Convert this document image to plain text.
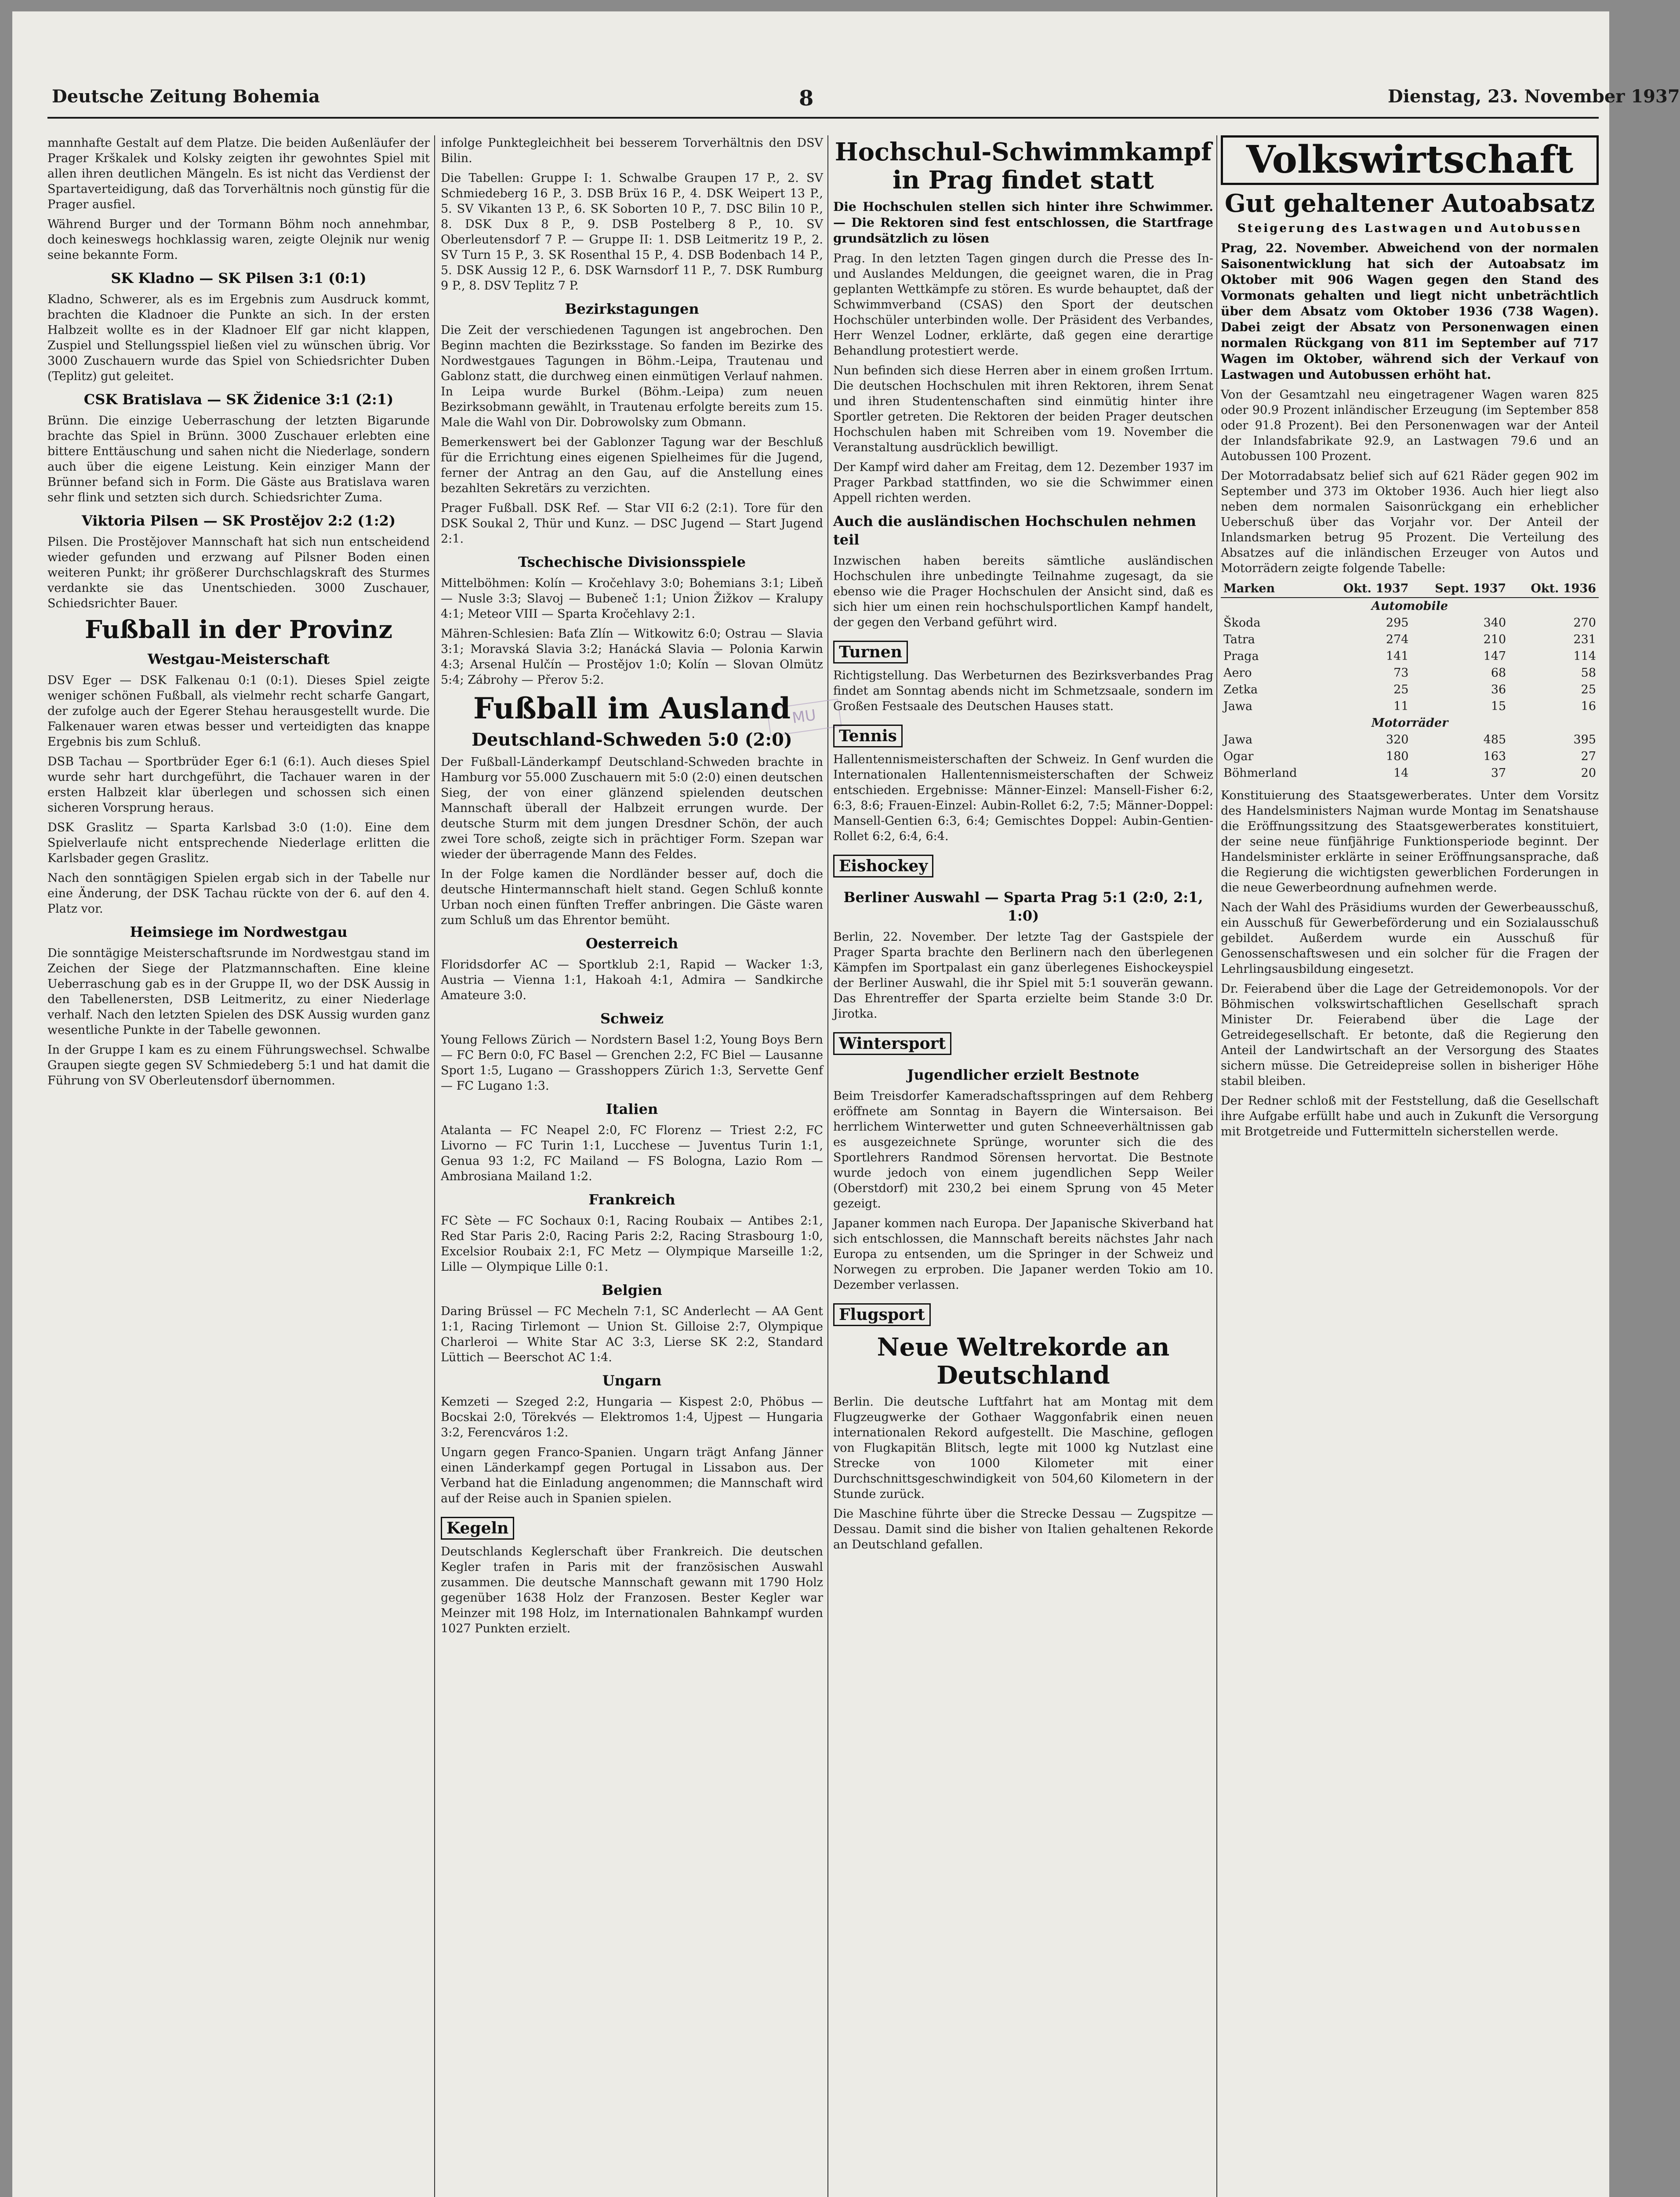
Deutsche Zeitung Bohemia	8	Dienstag, 23. November 1937
MU

mannhafte Gestalt auf dem Platze. Die beiden Außenläufer der Prager Krškalek und Kolsky zeigten ihr gewohntes Spiel mit allen ihren deutlichen Mängeln. Es ist nicht das Verdienst der Spartaverteidigung, daß das Torverhältnis noch günstig für die Prager ausfiel.

Während Burger und der Tormann Böhm noch annehmbar, doch keineswegs hochklassig waren, zeigte Olejnik nur wenig seine bekannte Form.

SK Kladno — SK Pilsen 3:1 (0:1)

Kladno, Schwerer, als es im Ergebnis zum Ausdruck kommt, brachten die Kladnoer die Punkte an sich. In der ersten Halbzeit wollte es in der Kladnoer Elf gar nicht klappen, Zuspiel und Stellungsspiel ließen viel zu wünschen übrig. Vor 3000 Zuschauern wurde das Spiel von Schiedsrichter Duben (Teplitz) gut geleitet.

CSK Bratislava — SK Židenice 3:1 (2:1)

Brünn. Die einzige Ueberraschung der letzten Bigarunde brachte das Spiel in Brünn. 3000 Zuschauer erlebten eine bittere Enttäuschung und sahen nicht die Niederlage, sondern auch über die eigene Leistung. Kein einziger Mann der Brünner befand sich in Form. Die Gäste aus Bratislava waren sehr flink und setzten sich durch. Schiedsrichter Zuma.

Viktoria Pilsen — SK Prostějov 2:2 (1:2)

Pilsen. Die Prostějover Mannschaft hat sich nun entscheidend wieder gefunden und erzwang auf Pilsner Boden einen weiteren Punkt; ihr größerer Durchschlagskraft des Sturmes verdankte sie das Unentschieden. 3000 Zuschauer, Schiedsrichter Bauer.

Fußball in der Provinz
Westgau-Meisterschaft

DSV Eger — DSK Falkenau 0:1 (0:1). Dieses Spiel zeigte weniger schönen Fußball, als vielmehr recht scharfe Gangart, der zufolge auch der Egerer Stehau herausgestellt wurde. Die Falkenauer waren etwas besser und verteidigten das knappe Ergebnis bis zum Schluß.

DSB Tachau — Sportbrüder Eger 6:1 (6:1). Auch dieses Spiel wurde sehr hart durchgeführt, die Tachauer waren in der ersten Halbzeit klar überlegen und schossen sich einen sicheren Vorsprung heraus.

DSK Graslitz — Sparta Karlsbad 3:0 (1:0). Eine dem Spielverlaufe nicht entsprechende Niederlage erlitten die Karlsbader gegen Graslitz.

Nach den sonntägigen Spielen ergab sich in der Tabelle nur eine Änderung, der DSK Tachau rückte von der 6. auf den 4. Platz vor.

Heimsiege im Nordwestgau

Die sonntägige Meisterschaftsrunde im Nordwestgau stand im Zeichen der Siege der Platzmannschaften. Eine kleine Ueberraschung gab es in der Gruppe II, wo der DSK Aussig in den Tabellenersten, DSB Leitmeritz, zu einer Niederlage verhalf. Nach den letzten Spielen des DSK Aussig wurden ganz wesentliche Punkte in der Tabelle gewonnen.

In der Gruppe I kam es zu einem Führungswechsel. Schwalbe Graupen siegte gegen SV Schmiedeberg 5:1 und hat damit die Führung von SV Oberleutensdorf übernommen.

infolge Punktegleichheit bei besserem Torverhältnis den DSV Bilin.

Die Tabellen: Gruppe I: 1. Schwalbe Graupen 17 P., 2. SV Schmiedeberg 16 P., 3. DSB Brüx 16 P., 4. DSK Weipert 13 P., 5. SV Vikanten 13 P., 6. SK Soborten 10 P., 7. DSC Bilin 10 P., 8. DSK Dux 8 P., 9. DSB Postelberg 8 P., 10. SV Oberleutensdorf 7 P. — Gruppe II: 1. DSB Leitmeritz 19 P., 2. SV Turn 15 P., 3. SK Rosenthal 15 P., 4. DSB Bodenbach 14 P., 5. DSK Aussig 12 P., 6. DSK Warnsdorf 11 P., 7. DSK Rumburg 9 P., 8. DSV Teplitz 7 P.

Bezirkstagungen

Die Zeit der verschiedenen Tagungen ist angebrochen. Den Beginn machten die Bezirksstage. So fanden im Bezirke des Nordwestgaues Tagungen in Böhm.-Leipa, Trautenau und Gablonz statt, die durchweg einen einmütigen Verlauf nahmen. In Leipa wurde Burkel (Böhm.-Leipa) zum neuen Bezirksobmann gewählt, in Trautenau erfolgte bereits zum 15. Male die Wahl von Dir. Dobrowolsky zum Obmann.

Bemerkenswert bei der Gablonzer Tagung war der Beschluß für die Errichtung eines eigenen Spielheimes für die Jugend, ferner der Antrag an den Gau, auf die Anstellung eines bezahlten Sekretärs zu verzichten.

Prager Fußball. DSK Ref. — Star VII 6:2 (2:1). Tore für den DSK Soukal 2, Thür und Kunz. — DSC Jugend — Start Jugend 2:1.

Tschechische Divisionsspiele

Mittelböhmen: Kolín — Kročehlavy 3:0; Bohemians 3:1; Libeň — Nusle 3:3; Slavoj — Bubeneč 1:1; Union Žižkov — Kralupy 4:1; Meteor VIII — Sparta Kročehlavy 2:1.

Mähren-Schlesien: Baťa Zlín — Witkowitz 6:0; Ostrau — Slavia 3:1; Moravská Slavia 3:2; Hanácká Slavia — Polonia Karwin 4:3; Arsenal Hulčín — Prostějov 1:0; Kolín — Slovan Olmütz 5:4; Zábrohy — Přerov 5:2.

Fußball im Ausland
Deutschland-Schweden 5:0 (2:0)

Der Fußball-Länderkampf Deutschland-Schweden brachte in Hamburg vor 55.000 Zuschauern mit 5:0 (2:0) einen deutschen Sieg, der von einer glänzend spielenden deutschen Mannschaft überall der Halbzeit errungen wurde. Der deutsche Sturm mit dem jungen Dresdner Schön, der auch zwei Tore schoß, zeigte sich in prächtiger Form. Szepan war wieder der überragende Mann des Feldes.

In der Folge kamen die Nordländer besser auf, doch die deutsche Hintermannschaft hielt stand. Gegen Schluß konnte Urban noch einen fünften Treffer anbringen. Die Gäste waren zum Schluß um das Ehrentor bemüht.

Oesterreich

Floridsdorfer AC — Sportklub 2:1, Rapid — Wacker 1:3, Austria — Vienna 1:1, Hakoah 4:1, Admira — Sandkirche Amateure 3:0.

Schweiz

Young Fellows Zürich — Nordstern Basel 1:2, Young Boys Bern — FC Bern 0:0, FC Basel — Grenchen 2:2, FC Biel — Lausanne Sport 1:5, Lugano — Grasshoppers Zürich 1:3, Servette Genf — FC Lugano 1:3.

Italien

Atalanta — FC Neapel 2:0, FC Florenz — Triest 2:2, FC Livorno — FC Turin 1:1, Lucchese — Juventus Turin 1:1, Genua 93 1:2, FC Mailand — FS Bologna, Lazio Rom — Ambrosiana Mailand 1:2.

Frankreich

FC Sète — FC Sochaux 0:1, Racing Roubaix — Antibes 2:1, Red Star Paris 2:0, Racing Paris 2:2, Racing Strasbourg 1:0, Excelsior Roubaix 2:1, FC Metz — Olympique Marseille 1:2, Lille — Olympique Lille 0:1.

Belgien

Daring Brüssel — FC Mecheln 7:1, SC Anderlecht — AA Gent 1:1, Racing Tirlemont — Union St. Gilloise 2:7, Olympique Charleroi — White Star AC 3:3, Lierse SK 2:2, Standard Lüttich — Beerschot AC 1:4.

Ungarn

Kemzeti — Szeged 2:2, Hungaria — Kispest 2:0, Phöbus — Bocskai 2:0, Törekvés — Elektromos 1:4, Ujpest — Hungaria 3:2, Ferencváros 1:2.

Ungarn gegen Franco-Spanien. Ungarn trägt Anfang Jänner einen Länderkampf gegen Portugal in Lissabon aus. Der Verband hat die Einladung angenommen; die Mannschaft wird auf der Reise auch in Spanien spielen.

Kegeln

Deutschlands Keglerschaft über Frankreich. Die deutschen Kegler trafen in Paris mit der französischen Auswahl zusammen. Die deutsche Mannschaft gewann mit 1790 Holz gegenüber 1638 Holz der Franzosen. Bester Kegler war Meinzer mit 198 Holz, im Internationalen Bahnkampf wurden 1027 Punkten erzielt.

Hochschul-Schwimmkampf in Prag findet statt
Die Hochschulen stellen sich hinter ihre Schwimmer. — Die Rektoren sind fest entschlossen, die Startfrage grundsätzlich zu lösen

Prag. In den letzten Tagen gingen durch die Presse des In- und Auslandes Meldungen, die geeignet waren, die in Prag geplanten Wettkämpfe zu stören. Es wurde behauptet, daß der Schwimmverband (CSAS) den Sport der deutschen Hochschüler unterbinden wolle. Der Präsident des Verbandes, Herr Wenzel Lodner, erklärte, daß gegen eine derartige Behandlung protestiert werde.

Nun befinden sich diese Herren aber in einem großen Irrtum. Die deutschen Hochschulen mit ihren Rektoren, ihrem Senat und ihren Studentenschaften sind einmütig hinter ihre Sportler getreten. Die Rektoren der beiden Prager deutschen Hochschulen haben mit Schreiben vom 19. November die Veranstaltung ausdrücklich bewilligt.

Der Kampf wird daher am Freitag, dem 12. Dezember 1937 im Prager Parkbad stattfinden, wo sie die Schwimmer einen Appell richten werden.

Auch die ausländischen Hochschulen nehmen teil

Inzwischen haben bereits sämtliche ausländischen Hochschulen ihre unbedingte Teilnahme zugesagt, da sie ebenso wie die Prager Hochschulen der Ansicht sind, daß es sich hier um einen rein hochschulsportlichen Kampf handelt, der gegen den Verband geführt wird.

Turnen

Richtigstellung. Das Werbeturnen des Bezirksverbandes Prag findet am Sonntag abends nicht im Schmetzsaale, sondern im Großen Festsaale des Deutschen Hauses statt.

Tennis

Hallentennismeisterschaften der Schweiz. In Genf wurden die Internationalen Hallentennismeisterschaften der Schweiz entschieden. Ergebnisse: Männer-Einzel: Mansell-Fisher 6:2, 6:3, 8:6; Frauen-Einzel: Aubin-Rollet 6:2, 7:5; Männer-Doppel: Mansell-Gentien 6:3, 6:4; Gemischtes Doppel: Aubin-Gentien-Rollet 6:2, 6:4, 6:4.

Eishockey
Berliner Auswahl — Sparta Prag 5:1 (2:0, 2:1, 1:0)

Berlin, 22. November. Der letzte Tag der Gastspiele der Prager Sparta brachte den Berlinern nach den überlegenen Kämpfen im Sportpalast ein ganz überlegenes Eishockeyspiel der Berliner Auswahl, die ihr Spiel mit 5:1 souverän gewann. Das Ehrentreffer der Sparta erzielte beim Stande 3:0 Dr. Jirotka.

Wintersport
Jugendlicher erzielt Bestnote

Beim Treisdorfer Kameradschaftsspringen auf dem Rehberg eröffnete am Sonntag in Bayern die Wintersaison. Bei herrlichem Winterwetter und guten Schneeverhältnissen gab es ausgezeichnete Sprünge, worunter sich die des Sportlehrers Randmod Sörensen hervortat. Die Bestnote wurde jedoch von einem jugendlichen Sepp Weiler (Oberstdorf) mit 230,2 bei einem Sprung von 45 Meter gezeigt.

Japaner kommen nach Europa. Der Japanische Skiverband hat sich entschlossen, die Mannschaft bereits nächstes Jahr nach Europa zu entsenden, um die Springer in der Schweiz und Norwegen zu erproben. Die Japaner werden Tokio am 10. Dezember verlassen.

Flugsport
Neue Weltrekorde an Deutschland

Berlin. Die deutsche Luftfahrt hat am Montag mit dem Flugzeugwerke der Gothaer Waggonfabrik einen neuen internationalen Rekord aufgestellt. Die Maschine, geflogen von Flugkapitän Blitsch, legte mit 1000 kg Nutzlast eine Strecke von 1000 Kilometer mit einer Durchschnittsgeschwindigkeit von 504,60 Kilometern in der Stunde zurück.

Die Maschine führte über die Strecke Dessau — Zugspitze — Dessau. Damit sind die bisher von Italien gehaltenen Rekorde an Deutschland gefallen.

Volkswirtschaft
Gut gehaltener Autoabsatz
Steigerung des Lastwagen und Autobussen
Prag, 22. November. Abweichend von der normalen Saisonentwicklung hat sich der Autoabsatz im Oktober mit 906 Wagen gegen den Stand des Vormonats gehalten und liegt nicht unbeträchtlich über dem Absatz vom Oktober 1936 (738 Wagen). Dabei zeigt der Absatz von Personenwagen einen normalen Rückgang von 811 im September auf 717 Wagen im Oktober, während sich der Verkauf von Lastwagen und Autobussen erhöht hat.

Von der Gesamtzahl neu eingetragener Wagen waren 825 oder 90.9 Prozent inländischer Erzeugung (im September 858 oder 91.8 Prozent). Bei den Personenwagen war der Anteil der Inlandsfabrikate 92.9, an Lastwagen 79.6 und an Autobussen 100 Prozent.

Der Motorradabsatz belief sich auf 621 Räder gegen 902 im September und 373 im Oktober 1936. Auch hier liegt also neben dem normalen Saisonrückgang ein erheblicher Ueberschuß über das Vorjahr vor. Der Anteil der Inlandsmarken betrug 95 Prozent. Die Verteilung des Absatzes auf die inländischen Erzeuger von Autos und Motorrädern zeigte folgende Tabelle:

Marken	Okt. 1937	Sept. 1937	Okt. 1936
Automobile			
Škoda	295	340	270
Tatra	274	210	231
Praga	141	147	114
Aero	73	68	58
Zetka	25	36	25
Jawa	11	15	16
Motorräder			
Jawa	320	485	395
Ogar	180	163	27
Böhmerland	14	37	20

Konstituierung des Staatsgewerberates. Unter dem Vorsitz des Handelsministers Najman wurde Montag im Senatshause die Eröffnungssitzung des Staatsgewerberates konstituiert, der seine neue fünfjährige Funktionsperiode beginnt. Der Handelsminister erklärte in seiner Eröffnungsansprache, daß die Regierung die wichtigsten gewerblichen Forderungen in die neue Gewerbeordnung aufnehmen werde.

Nach der Wahl des Präsidiums wurden der Gewerbeausschuß, ein Ausschuß für Gewerbeförderung und ein Sozialausschuß gebildet. Außerdem wurde ein Ausschuß für Genossenschaftswesen und ein solcher für die Fragen der Lehrlingsausbildung eingesetzt.

Dr. Feierabend über die Lage der Getreidemonopols. Vor der Böhmischen volkswirtschaftlichen Gesellschaft sprach Minister Dr. Feierabend über die Lage der Getreidegesellschaft. Er betonte, daß die Regierung den Anteil der Landwirtschaft an der Versorgung des Staates sichern müsse. Die Getreidepreise sollen in bisheriger Höhe stabil bleiben.

Der Redner schloß mit der Feststellung, daß die Gesellschaft ihre Aufgabe erfüllt habe und auch in Zukunft die Versorgung mit Brotgetreide und Futtermitteln sicherstellen werde.
